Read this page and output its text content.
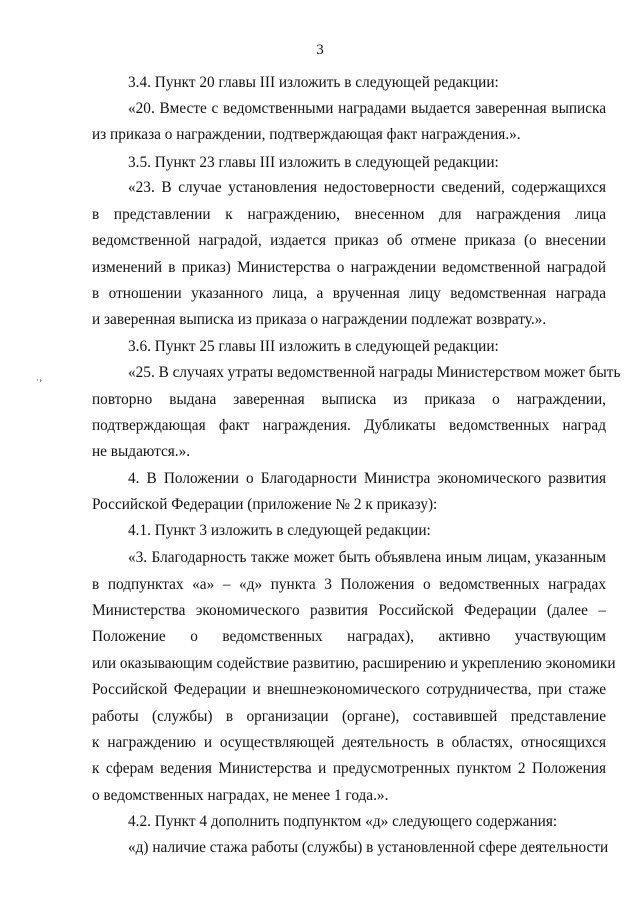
3
·›
3.4. Пункт 20 главы III изложить в следующей редакции:
«20. Вместе с ведомственными наградами выдается заверенная выписка
из приказа о награждении, подтверждающая факт награждения.».
3.5. Пункт 23 главы III изложить в следующей редакции:
«23. В случае установления недостоверности сведений, содержащихся
в представлении к награждению, внесенном для награждения лица
ведомственной наградой, издается приказ об отмене приказа (о внесении
изменений в приказ) Министерства о награждении ведомственной наградой
в отношении указанного лица, а врученная лицу ведомственная награда
и заверенная выписка из приказа о награждении подлежат возврату.».
3.6. Пункт 25 главы III изложить в следующей редакции:
«25. В случаях утраты ведомственной награды Министерством может быть
повторно выдана заверенная выписка из приказа о награждении,
подтверждающая факт награждения. Дубликаты ведомственных наград
не выдаются.».
4. В Положении о Благодарности Министра экономического развития
Российской Федерации (приложение № 2 к приказу):
4.1. Пункт 3 изложить в следующей редакции:
«3. Благодарность также может быть объявлена иным лицам, указанным
в подпунктах «а» – «д» пункта 3 Положения о ведомственных наградах
Министерства экономического развития Российской Федерации (далее –
Положение о ведомственных наградах), активно участвующим
или оказывающим содействие развитию, расширению и укреплению экономики
Российской Федерации и внешнеэкономического сотрудничества, при стаже
работы (службы) в организации (органе), составившей представление
к награждению и осуществляющей деятельность в областях, относящихся
к сферам ведения Министерства и предусмотренных пунктом 2 Положения
о ведомственных наградах, не менее 1 года.».
4.2. Пункт 4 дополнить подпунктом «д» следующего содержания:
«д) наличие стажа работы (службы) в установленной сфере деятельности
